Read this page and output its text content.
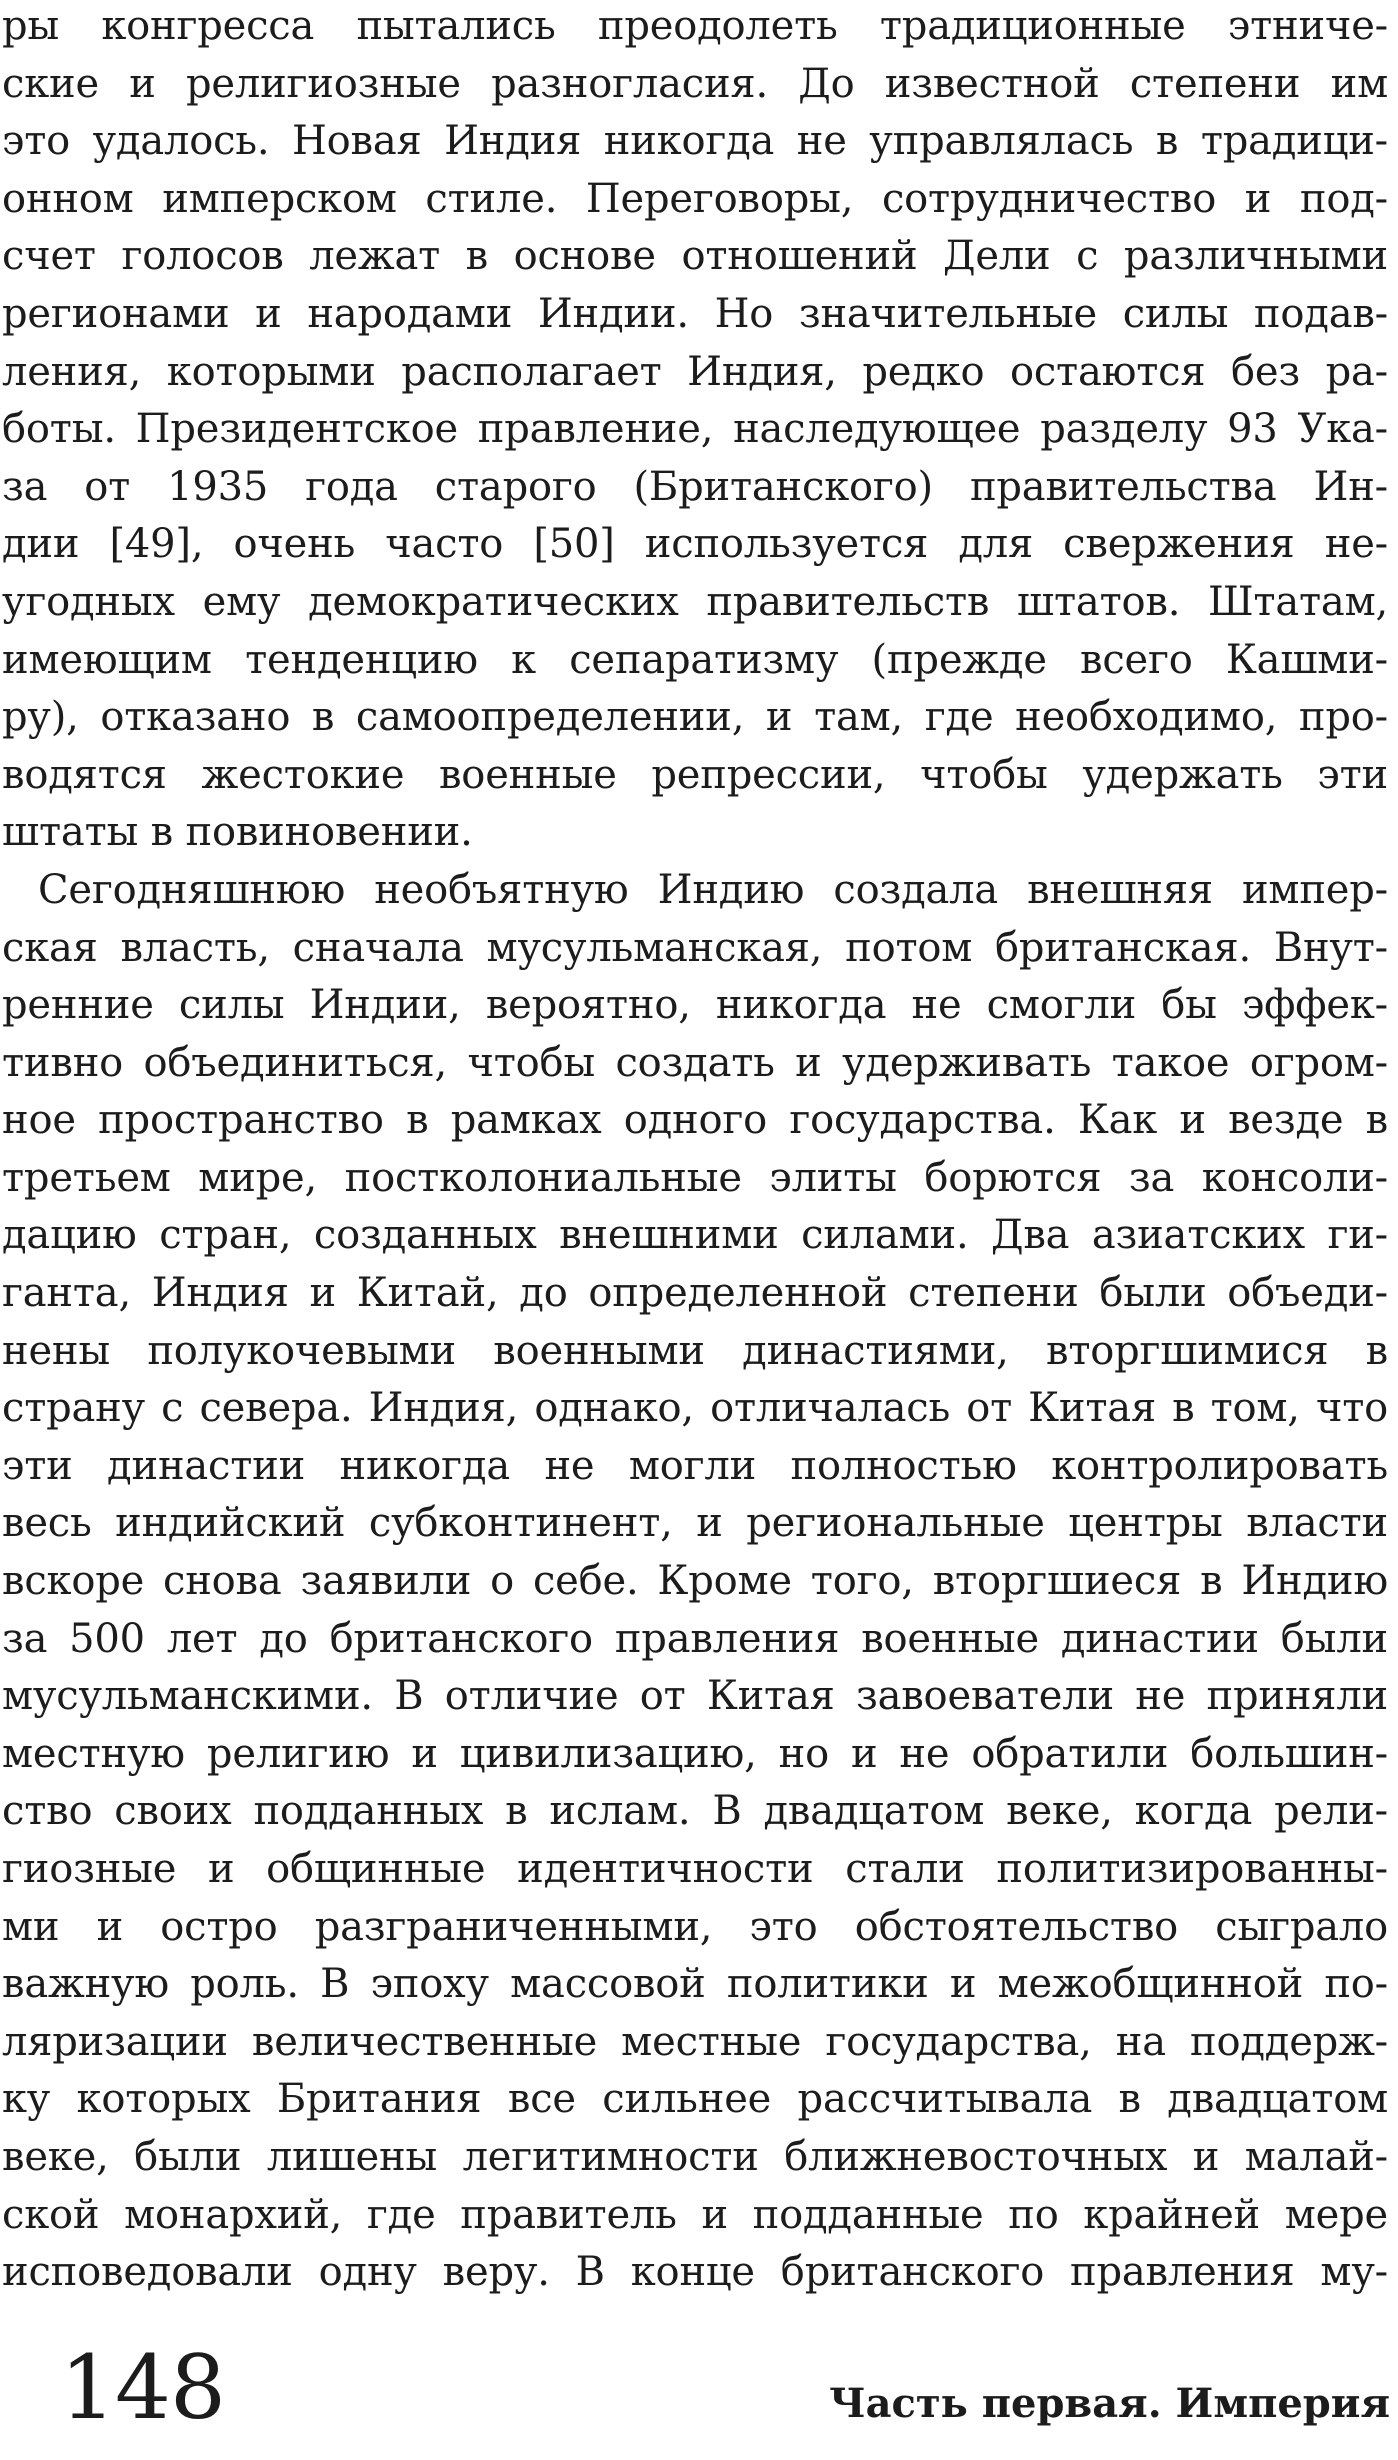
ры конгресса пытались преодолеть традиционные этниче-
ские и религиозные разногласия. До известной степени им
это удалось. Новая Индия никогда не управлялась в традици-
онном имперском стиле. Переговоры, сотрудничество и под-
счет голосов лежат в основе отношений Дели с различными
регионами и народами Индии. Но значительные силы подав-
ления, которыми располагает Индия, редко остаются без ра-
боты. Президентское правление, наследующее разделу 93 Ука-
за от 1935 года старого (Британского) правительства Ин-
дии [49], очень часто [50] используется для свержения не-
угодных ему демократических правительств штатов. Штатам,
имеющим тенденцию к сепаратизму (прежде всего Кашми-
ру), отказано в самоопределении, и там, где необходимо, про-
водятся жестокие военные репрессии, чтобы удержать эти
штаты в повиновении.
Сегодняшнюю необъятную Индию создала внешняя импер-
ская власть, сначала мусульманская, потом британская. Внут-
ренние силы Индии, вероятно, никогда не смогли бы эффек-
тивно объединиться, чтобы создать и удерживать такое огром-
ное пространство в рамках одного государства. Как и везде в
третьем мире, постколониальные элиты борются за консоли-
дацию стран, созданных внешними силами. Два азиатских ги-
ганта, Индия и Китай, до определенной степени были объеди-
нены полукочевыми военными династиями, вторгшимися в
страну с севера. Индия, однако, отличалась от Китая в том, что
эти династии никогда не могли полностью контролировать
весь индийский субконтинент, и региональные центры власти
вскоре снова заявили о себе. Кроме того, вторгшиеся в Индию
за 500 лет до британского правления военные династии были
мусульманскими. В отличие от Китая завоеватели не приняли
местную религию и цивилизацию, но и не обратили большин-
ство своих подданных в ислам. В двадцатом веке, когда рели-
гиозные и общинные идентичности стали политизированны-
ми и остро разграниченными, это обстоятельство сыграло
важную роль. В эпоху массовой политики и межобщинной по-
ляризации величественные местные государства, на поддерж-
ку которых Британия все сильнее рассчитывала в двадцатом
веке, были лишены легитимности ближневосточных и малай-
ской монархий, где правитель и подданные по крайней мере
исповедовали одну веру. В конце британского правления му-
148	Часть первая. Империя
